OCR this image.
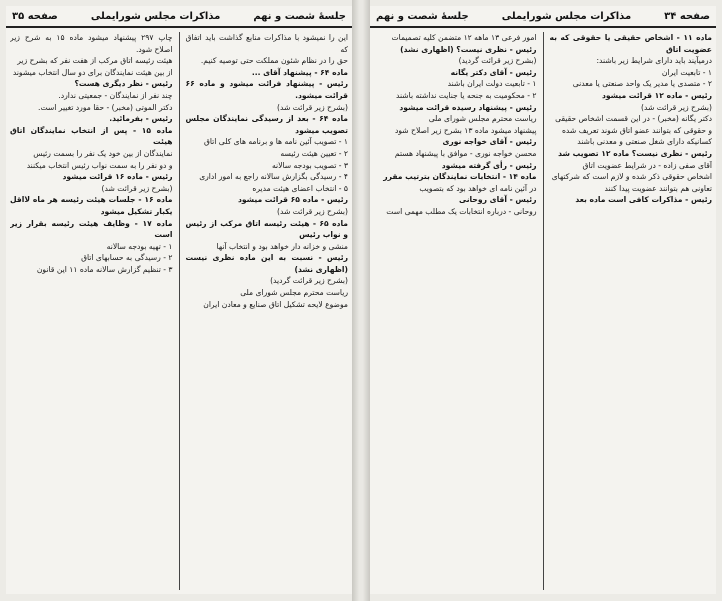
جلسهٔ شصت و نهم
مذاکرات مجلس شورایملی
صفحه ۳۵

این را نمیشود با مذاکرات منابع گذاشت باید اتفاق که

حق را در نظام شئون مملکت حتی توصیه کنیم.

ماده ۶۴ - پیشنهاد آقای ...

رئیس - پیشنهاد فرائت میشود و ماده ۶۶ قرائت میشود.

(بشرح زیر قرائت شد)

ماده ۶۴ - بعد از رسیدگی نمایندگان مجلس تصویب میشود

۱ - تصویب آئین نامه ها و برنامه های کلی اتاق

۲ - تعیین هیئت رئیسه

۳ - تصویب بودجه سالانه

۴ - رسیدگی بگزارش سالانه راجع به امور اداری

۵ - انتخاب اعضای هیئت مدیره

رئیس - ماده ۶۵ قرائت میشود

(بشرح زیر قرائت شد)

ماده ۶۵ - هیئت رئیسه اتاق مرکب از رئیس و نواب رئیس

منشی و خزانه دار خواهد بود و انتخاب آنها

رئیس - نسبت به این ماده نظری نیست (اظهاری نشد)

(بشرح زیر قرائت گردید)

ریاست محترم مجلس شورای ملی

موضوع لایحه تشکیل اتاق صنایع و معادن ایران

چاپ ۲۹۷ پیشنهاد میشود ماده ۱۵ به شرح زیر اصلاح شود.

هیئت رئیسه اتاق مرکب از هفت نفر که بشرح زیر

از بین هیئت نمایندگان برای دو سال انتخاب میشوند

رئیس - نظر دیگری هست؟

چند نفر از نمایندگان - جمعیتی ندارد.

دکتر الموتی (مخبر) - حقا مورد تغییر است.

رئیس - بفرمائید.

ماده ۱۵ - پس از انتخاب نمایندگان اتاق هیئت

نمایندگان از بین خود یک نفر را بسمت رئیس

و دو نفر را به سمت نواب رئیس انتخاب میکنند

رئیس - ماده ۱۶ قرائت میشود

(بشرح زیر قرائت شد)

ماده ۱۶ - جلسات هیئت رئیسه هر ماه لااقل یکبار تشکیل میشود

ماده ۱۷ - وظایف هیئت رئیسه بقرار زیر است

۱ - تهیه بودجه سالانه

۲ - رسیدگی به حسابهای اتاق

۳ - تنظیم گزارش سالانه ماده ۱۱ این قانون

صفحه ۳۴
مذاکرات مجلس شورایملی
جلسهٔ شصت و نهم

ماده ۱۱ - اشخاص حقیقی یا حقوقی که به عضویت اتاق

درمیآیند باید دارای شرایط زیر باشند:

۱ - تابعیت ایران

۲ - متصدی یا مدیر یک واحد صنعتی یا معدنی

رئیس - ماده ۱۲ قرائت میشود

(بشرح زیر قرائت شد)

دکتر یگانه (مخبر) - در این قسمت اشخاص حقیقی

و حقوقی که بتوانند عضو اتاق شوند تعریف شده

کسانیکه دارای شغل صنعتی و معدنی باشند

رئیس - نظری نیست؟ ماده ۱۲ تصویب شد

آقای صفی زاده - در شرایط عضویت اتاق

اشخاص حقوقی ذکر شده و لازم است که شرکتهای

تعاونی هم بتوانند عضویت پیدا کنند

رئیس - مذاکرات کافی است ماده بعد

امور فرعی ۱۳ ماهه ۱۲ متضمن کلیه تصمیمات

رئیس - نظری نیست؟ (اظهاری نشد)

(بشرح زیر قرائت گردید)

رئیس - آقای دکتر یگانه

۱ - تابعیت دولت ایران باشند

۲ - محکومیت به جنحه یا جنایت نداشته باشند

رئیس - پیشنهاد رسیده قرائت میشود

ریاست محترم مجلس شورای ملی

پیشنهاد میشود ماده ۱۳ بشرح زیر اصلاح شود

رئیس - آقای خواجه نوری

محسن خواجه نوری - موافق با پیشنهاد هستم

رئیس - رأی گرفته میشود

ماده ۱۴ - انتخابات نمایندگان بترتیب مقرر

در آئین نامه ای خواهد بود که بتصویب

رئیس - آقای روحانی

روحانی - درباره انتخابات یک مطلب مهمی است
